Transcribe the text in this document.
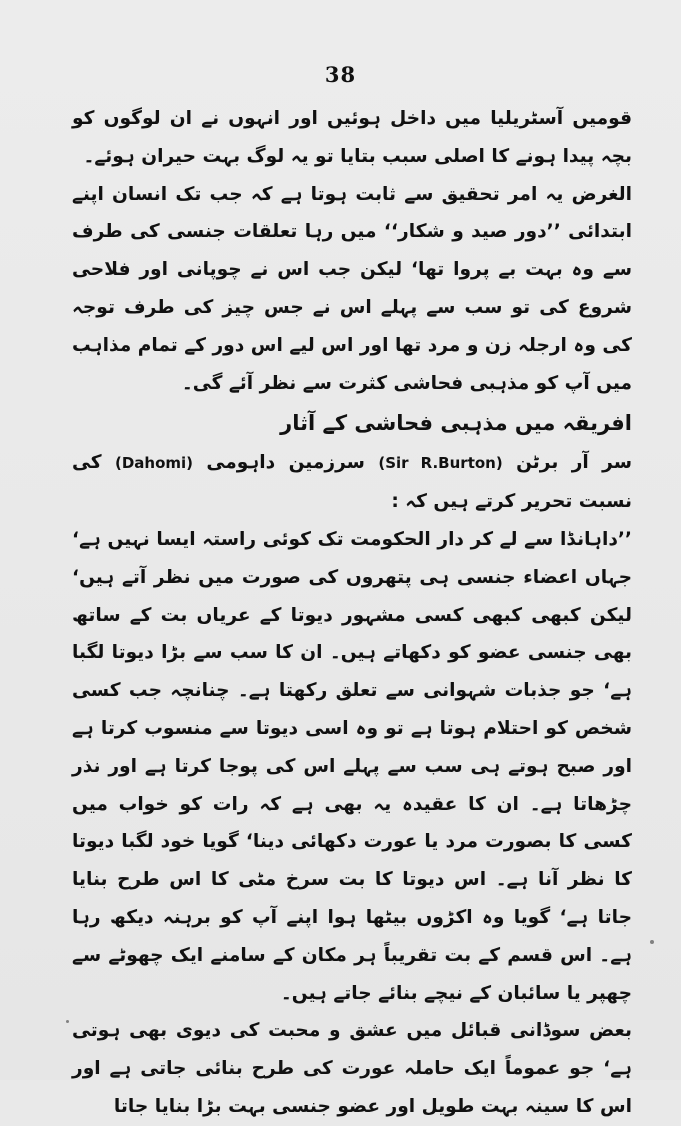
38

قومیں آسٹریلیا میں داخل ہوئیں اور انہوں نے ان لوگوں کو بچہ پیدا ہونے کا اصلی سبب بتایا تو یہ لوگ بہت حیران ہوئے۔

الغرض یہ امر تحقیق سے ثابت ہوتا ہے کہ جب تک انسان اپنے ابتدائی ’’دور صید و شکار‘‘ میں رہا تعلقات جنسی کی طرف سے وہ بہت بے پروا تھا‘ لیکن جب اس نے چوپانی اور فلاحی شروع کی تو سب سے پہلے اس نے جس چیز کی طرف توجہ کی وہ ارجلہ زن و مرد تھا اور اس لیے اس دور کے تمام مذاہب میں آپ کو مذہبی فحاشی کثرت سے نظر آئے گی۔

افریقہ میں مذہبی فحاشی کے آثار

سر آر برٹن (Sir R.Burton) سرزمین داہومی (Dahomi) کی نسبت تحریر کرتے ہیں کہ :

’’داہانڈا سے لے کر دار الحکومت تک کوئی راستہ ایسا نہیں ہے‘ جہاں اعضاء جنسی ہی پتھروں کی صورت میں نظر آتے ہیں‘ لیکن کبھی کبھی کسی مشہور دیوتا کے عریاں بت کے ساتھ بھی جنسی عضو کو دکھاتے ہیں۔ ان کا سب سے بڑا دیوتا لگبا ہے‘ جو جذبات شہوانی سے تعلق رکھتا ہے۔ چنانچہ جب کسی شخص کو احتلام ہوتا ہے تو وہ اسی دیوتا سے منسوب کرتا ہے اور صبح ہوتے ہی سب سے پہلے اس کی پوجا کرتا ہے اور نذر چڑھاتا ہے۔ ان کا عقیدہ یہ بھی ہے کہ رات کو خواب میں کسی کا بصورت مرد یا عورت دکھائی دینا‘ گویا خود لگبا دیوتا کا نظر آنا ہے۔ اس دیوتا کا بت سرخ مٹی کا اس طرح بنایا جاتا ہے‘ گویا وہ اکڑوں بیٹھا ہوا اپنے آپ کو برہنہ دیکھ رہا ہے۔ اس قسم کے بت تقریباً ہر مکان کے سامنے ایک چھوٹے سے چھپر یا سائبان کے نیچے بنائے جاتے ہیں۔

بعض سوڈانی قبائل میں عشق و محبت کی دیوی بھی ہوتی ہے‘ جو عموماً ایک حاملہ عورت کی طرح بنائی جاتی ہے اور اس کا سینہ بہت طویل اور عضو جنسی بہت بڑا بنایا جاتا
